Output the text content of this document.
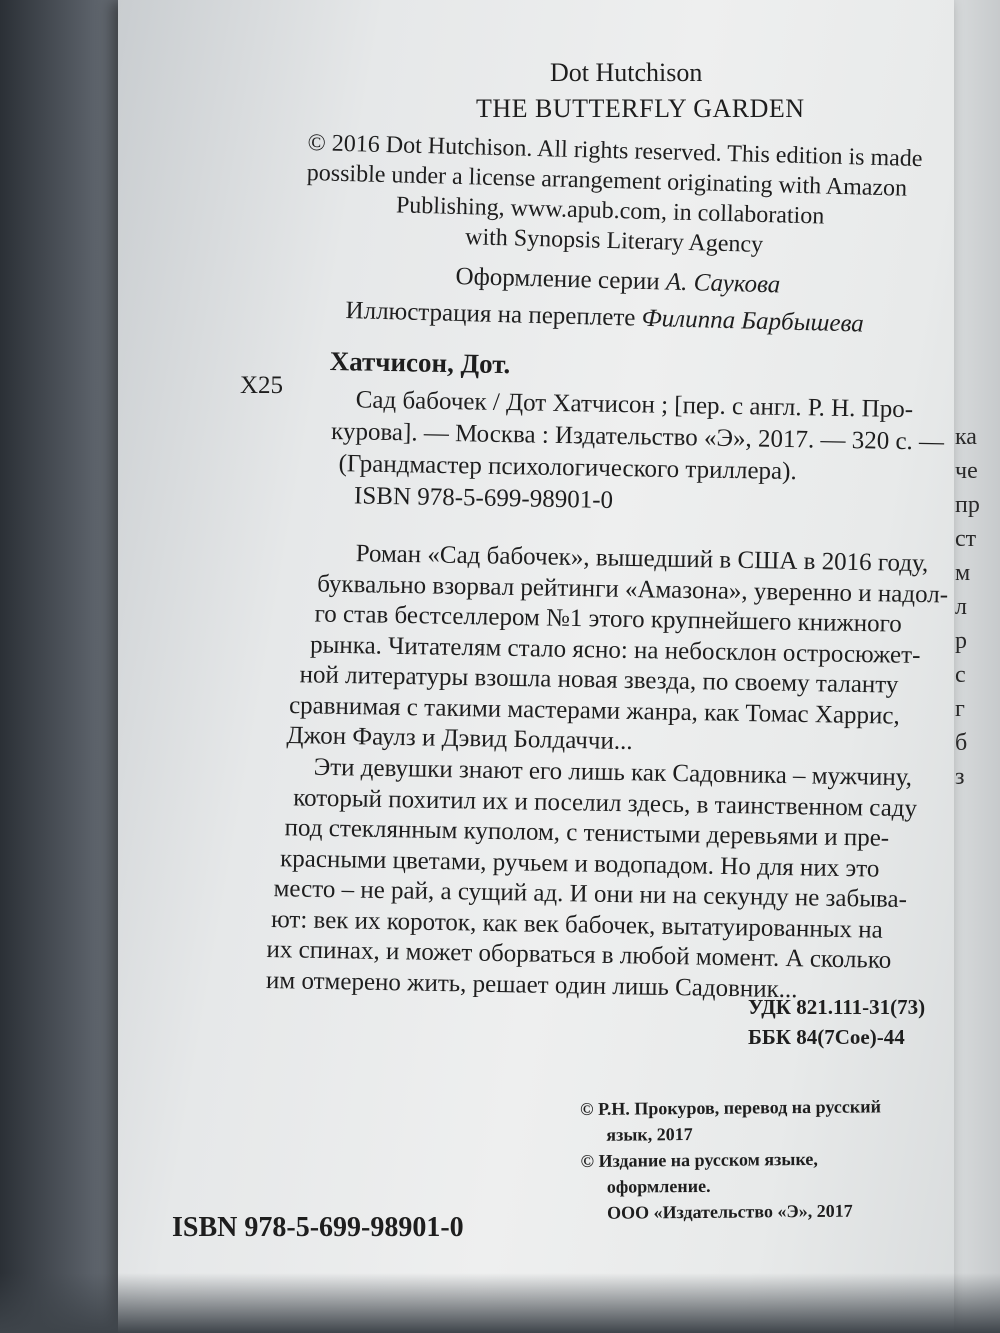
ка
че
пр
ст
м
л
р
с
г
б
з
Dot Hutchison
THE BUTTERFLY GARDEN
© 2016 Dot Hutchison. All rights reserved. This edition is made
possible under a license arrangement originating with Amazon
Publishing, www.apub.com, in collaboration
with Synopsis Literary Agency
Оформление серии А. Саукова
Иллюстрация на переплете Филиппа Барбышева
Хатчисон, Дот.
Х25
Сад бабочек / Дот Хатчисон ; [пер. с англ. Р. Н. Про-
курова]. — Москва : Издательство «Э», 2017. — 320 с. —
(Грандмастер психологического триллера).
ISBN 978-5-699-98901-0
Роман «Сад бабочек», вышедший в США в 2016 году,
буквально взорвал рейтинги «Амазона», уверенно и надол-
го став бестселлером №1 этого крупнейшего книжного
рынка. Читателям стало ясно: на небосклон остросюжет-
ной литературы взошла новая звезда, по своему таланту
сравнимая с такими мастерами жанра, как Томас Харрис,
Джон Фаулз и Дэвид Болдаччи...
Эти девушки знают его лишь как Садовника – мужчину,
который похитил их и поселил здесь, в таинственном саду
под стеклянным куполом, с тенистыми деревьями и пре-
красными цветами, ручьем и водопадом. Но для них это
место – не рай, а сущий ад. И они ни на секунду не забыва-
ют: век их короток, как век бабочек, вытатуированных на
их спинах, и может оборваться в любой момент. А сколько
им отмерено жить, решает один лишь Садовник...
УДК 821.111-31(73)
ББК 84(7Сое)-44
© Р.Н. Прокуров, перевод на русский
язык, 2017
© Издание на русском языке,
оформление.
ООО «Издательство «Э», 2017
ISBN 978-5-699-98901-0
